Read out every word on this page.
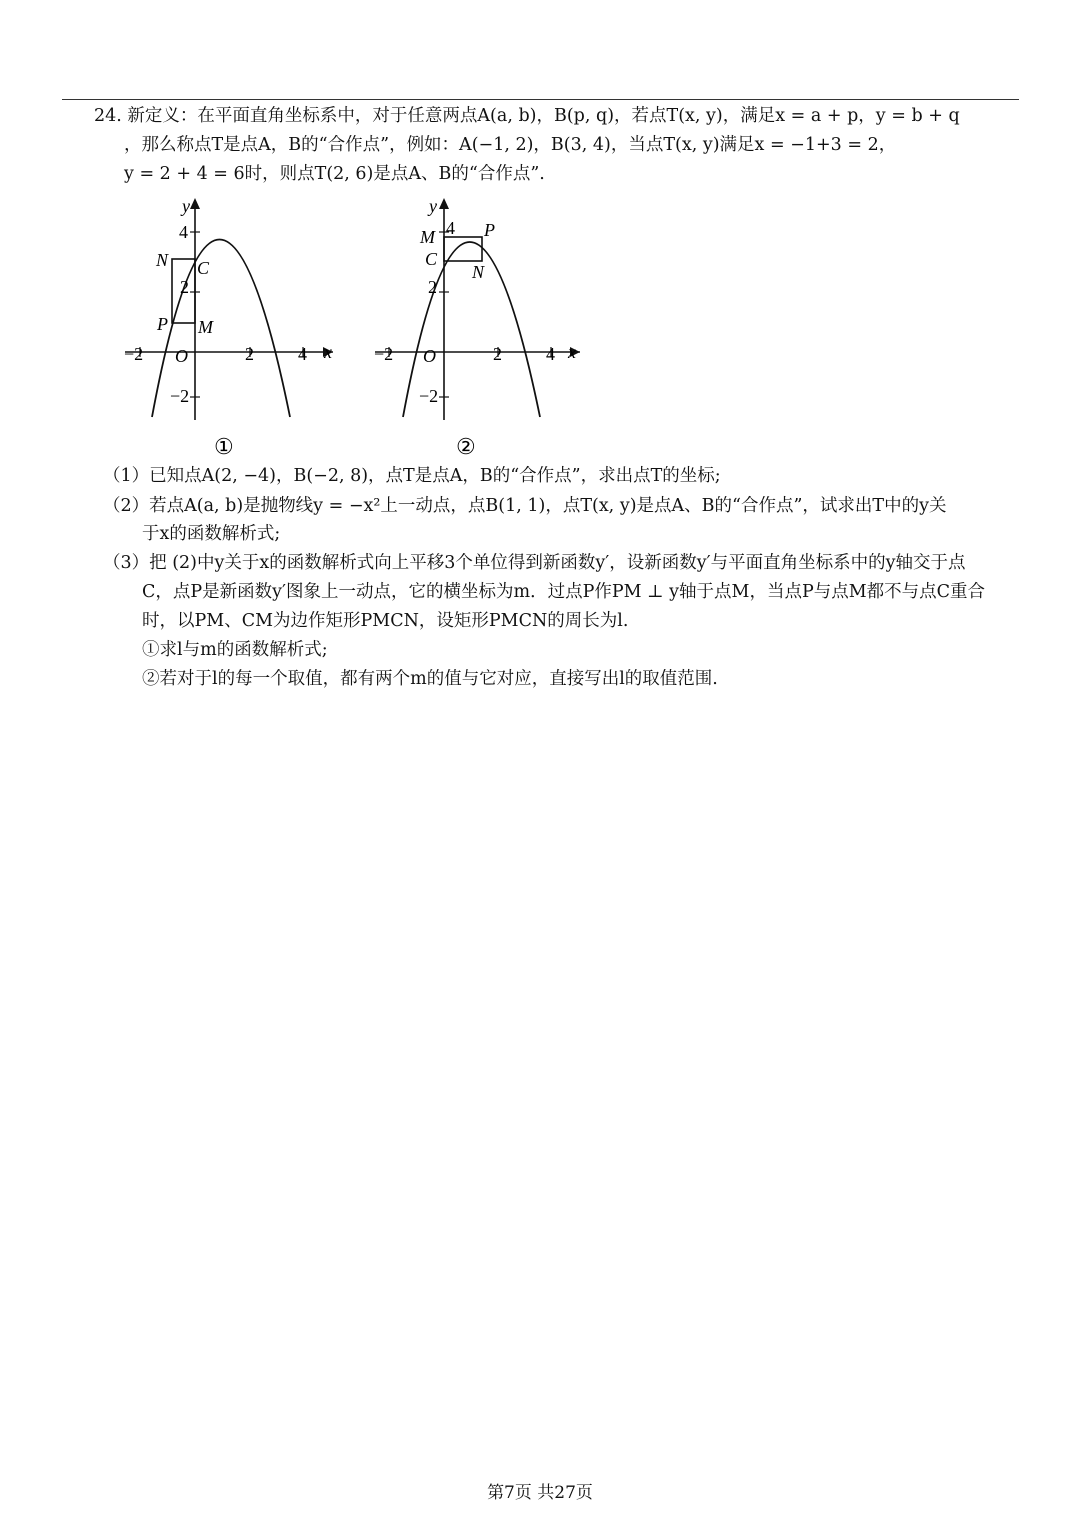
24. 新定义：在平面直角坐标系中，对于任意两点A(a, b)，B(p, q)，若点T(x, y)，满足x = a + p，y = b + q
，那么称点T是点A，B的“合作点”，例如：A(−1, 2)，B(3, 4)，当点T(x, y)满足x = −1+3 = 2，
y = 2 + 4 = 6时，则点T(2, 6)是点A、B的“合作点”.
y
x
O
N C
P M
4
2
−2
−2	2 4
①
y
x
O
M
C
P
N
4
2
−2
−2	2 4
②
（1）已知点A(2, −4)，B(−2, 8)，点T是点A，B的“合作点”，求出点T的坐标;
（2）若点A(a, b)是抛物线y = −x²上一动点，点B(1, 1)，点T(x, y)是点A、B的“合作点”，试求出T中的y关
于x的函数解析式;
（3）把 (2)中y关于x的函数解析式向上平移3个单位得到新函数y′，设新函数y′与平面直角坐标系中的y轴交于点
C，点P是新函数y′图象上一动点，它的横坐标为m．过点P作PM ⊥ y轴于点M，当点P与点M都不与点C重合
时，以PM、CM为边作矩形PMCN，设矩形PMCN的周长为l.
①求l与m的函数解析式;
②若对于l的每一个取值，都有两个m的值与它对应，直接写出l的取值范围.
第7页 共27页
